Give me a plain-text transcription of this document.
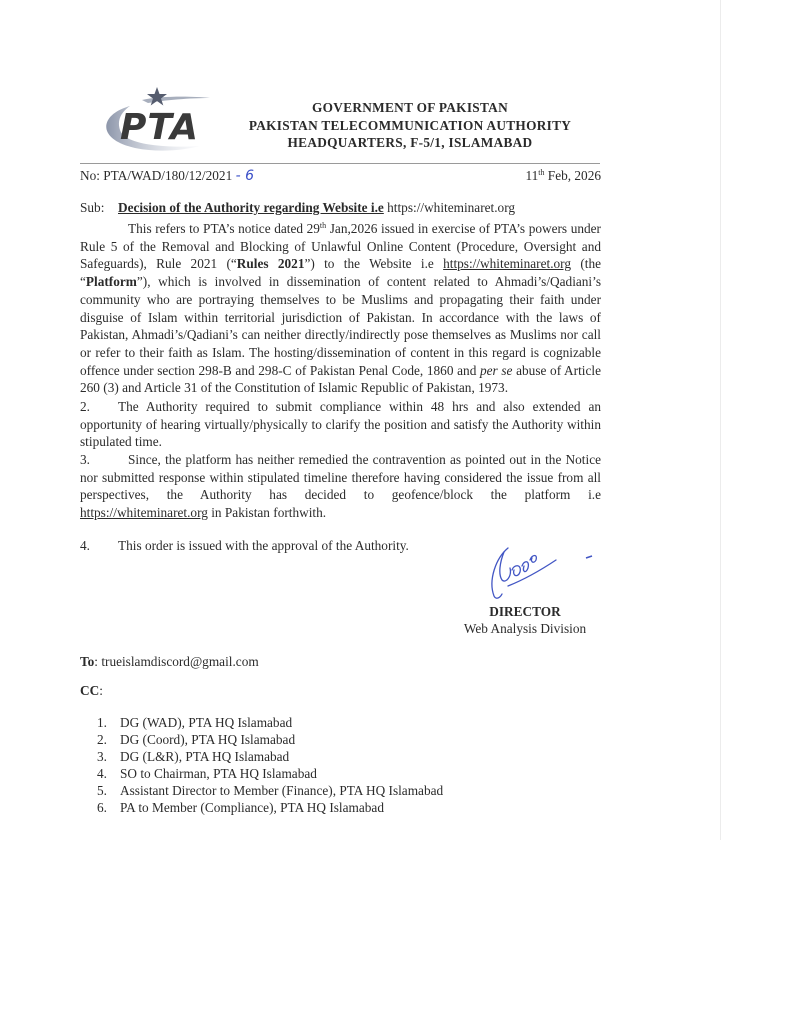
PTA	GOVERNMENT OF PAKISTAN
PAKISTAN TELECOMMUNICATION AUTHORITY
HEADQUARTERS, F-5/1, ISLAMABAD
No: PTA/WAD/180/12/2021 - 6	11th Feb, 2026
Sub: Decision of the Authority regarding Website i.e https://whiteminaret.org
This refers to PTA’s notice dated 29th Jan,2026 issued in exercise of PTA’s powers under Rule 5 of the Removal and Blocking of Unlawful Online Content (Procedure, Oversight and Safeguards), Rule 2021 (“Rules 2021”) to the Website i.e https://whiteminaret.org (the “Platform”), which is involved in dissemination of content related to Ahmadi’s/Qadiani’s community who are portraying themselves to be Muslims and propagating their faith under disguise of Islam within territorial jurisdiction of Pakistan. In accordance with the laws of Pakistan, Ahmadi’s/Qadiani’s can neither directly/indirectly pose themselves as Muslims nor call or refer to their faith as Islam. The hosting/dissemination of content in this regard is cognizable offence under section 298-B and 298-C of Pakistan Penal Code, 1860 and per se abuse of Article 260 (3) and Article 31 of the Constitution of Islamic Republic of Pakistan, 1973.
2. The Authority required to submit compliance within 48 hrs and also extended an opportunity of hearing virtually/physically to clarify the position and satisfy the Authority within stipulated time.
3.	Since, the platform has neither remedied the contravention as pointed out in the Notice nor submitted response within stipulated timeline therefore having considered the issue from all perspectives, the Authority has decided to geofence/block the platform i.e https://whiteminaret.org in Pakistan forthwith.
4. This order is issued with the approval of the Authority.
DIRECTOR
Web Analysis Division
To: trueislamdiscord@gmail.com
CC:
1. DG (WAD), PTA HQ Islamabad
2. DG (Coord), PTA HQ Islamabad
3. DG (L&R), PTA HQ Islamabad
4. SO to Chairman, PTA HQ Islamabad
5. Assistant Director to Member (Finance), PTA HQ Islamabad
6. PA to Member (Compliance), PTA HQ Islamabad
